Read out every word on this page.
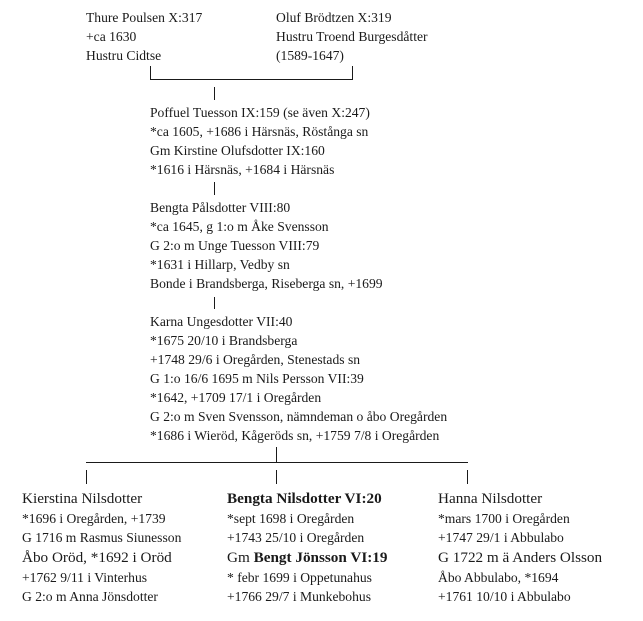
Thure Poulsen X:317
+ca 1630
Hustru Cidtse
Oluf Brödtzen X:319
Hustru Troend Burgesdåtter
(1589-1647)
Poffuel Tuesson IX:159 (se även X:247)
*ca 1605, +1686 i Härsnäs, Röstånga sn
Gm Kirstine Olufsdotter IX:160
*1616 i Härsnäs, +1684 i Härsnäs
Bengta Pålsdotter VIII:80
*ca 1645, g 1:o m Åke Svensson
G 2:o m Unge Tuesson VIII:79
*1631 i Hillarp, Vedby sn
Bonde i Brandsberga, Riseberga sn, +1699
Karna Ungesdotter VII:40
*1675 20/10 i Brandsberga
+1748 29/6 i Oregården, Stenestads sn
G 1:o 16/6 1695 m Nils Persson VII:39
*1642, +1709 17/1 i Oregården
G 2:o m Sven Svensson, nämndeman o åbo Oregården
*1686 i Wieröd, Kågeröds sn, +1759 7/8 i Oregården
Kierstina Nilsdotter
*1696 i Oregården, +1739
G 1716 m Rasmus Siunesson
Åbo Oröd, *1692 i Oröd
+1762 9/11 i Vinterhus
G 2:o m Anna Jönsdotter
Bengta Nilsdotter VI:20
*sept 1698 i Oregården
+1743 25/10 i Oregården
Gm Bengt Jönsson VI:19
* febr 1699 i Oppetunahus
+1766 29/7 i Munkebohus
Hanna Nilsdotter
*mars 1700 i Oregården
+1747 29/1 i Abbulabo
G 1722 m ä Anders Olsson
Åbo Abbulabo, *1694
+1761 10/10 i Abbulabo
